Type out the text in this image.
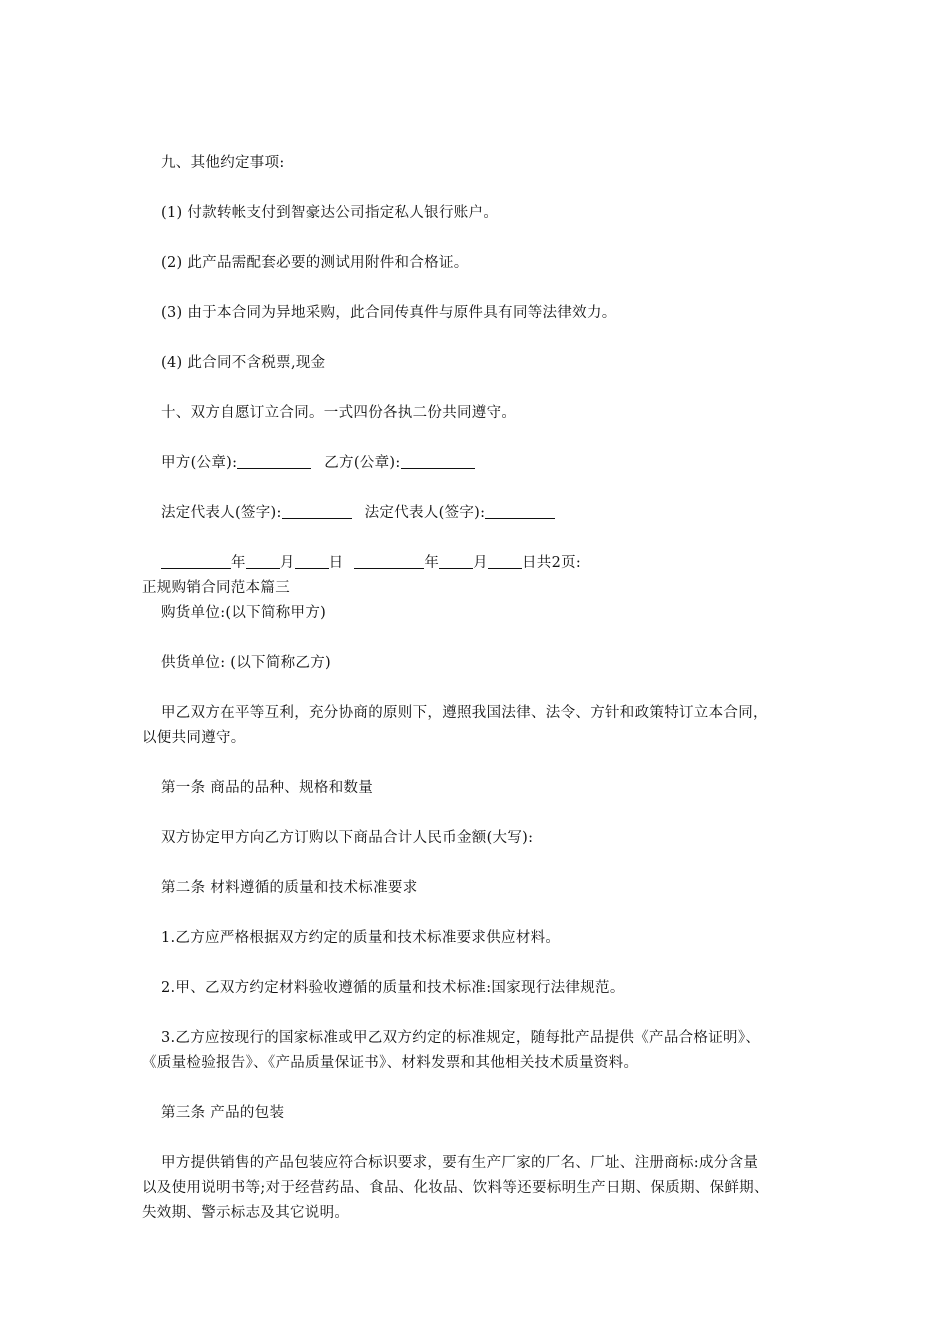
九、其他约定事项:
(1) 付款转帐支付到智豪达公司指定私人银行账户。
(2) 此产品需配套必要的测试用附件和合格证。
(3) 由于本合同为异地采购，此合同传真件与原件具有同等法律效力。
(4) 此合同不含税票,现金
十、双方自愿订立合同。一式四份各执二份共同遵守。
甲方(公章):	乙方(公章):
法定代表人(签字):	法定代表人(签字):
年 月 日	年 月 日共2页:
正规购销合同范本篇三
购货单位:(以下简称甲方)
供货单位: (以下简称乙方)
甲乙双方在平等互利，充分协商的原则下，遵照我国法律、法令、方针和政策特订立本合同，
以便共同遵守。
第一条 商品的品种、规格和数量
双方协定甲方向乙方订购以下商品合计人民币金额(大写):
第二条 材料遵循的质量和技术标准要求
1.乙方应严格根据双方约定的质量和技术标准要求供应材料。
2.甲、乙双方约定材料验收遵循的质量和技术标准:国家现行法律规范。
3.乙方应按现行的国家标准或甲乙双方约定的标准规定，随每批产品提供《产品合格证明》、
《质量检验报告》、《产品质量保证书》、材料发票和其他相关技术质量资料。
第三条 产品的包装
甲方提供销售的产品包装应符合标识要求，要有生产厂家的厂名、厂址、注册商标:成分含量
以及使用说明书等;对于经营药品、食品、化妆品、饮料等还要标明生产日期、保质期、保鲜期、
失效期、警示标志及其它说明。
